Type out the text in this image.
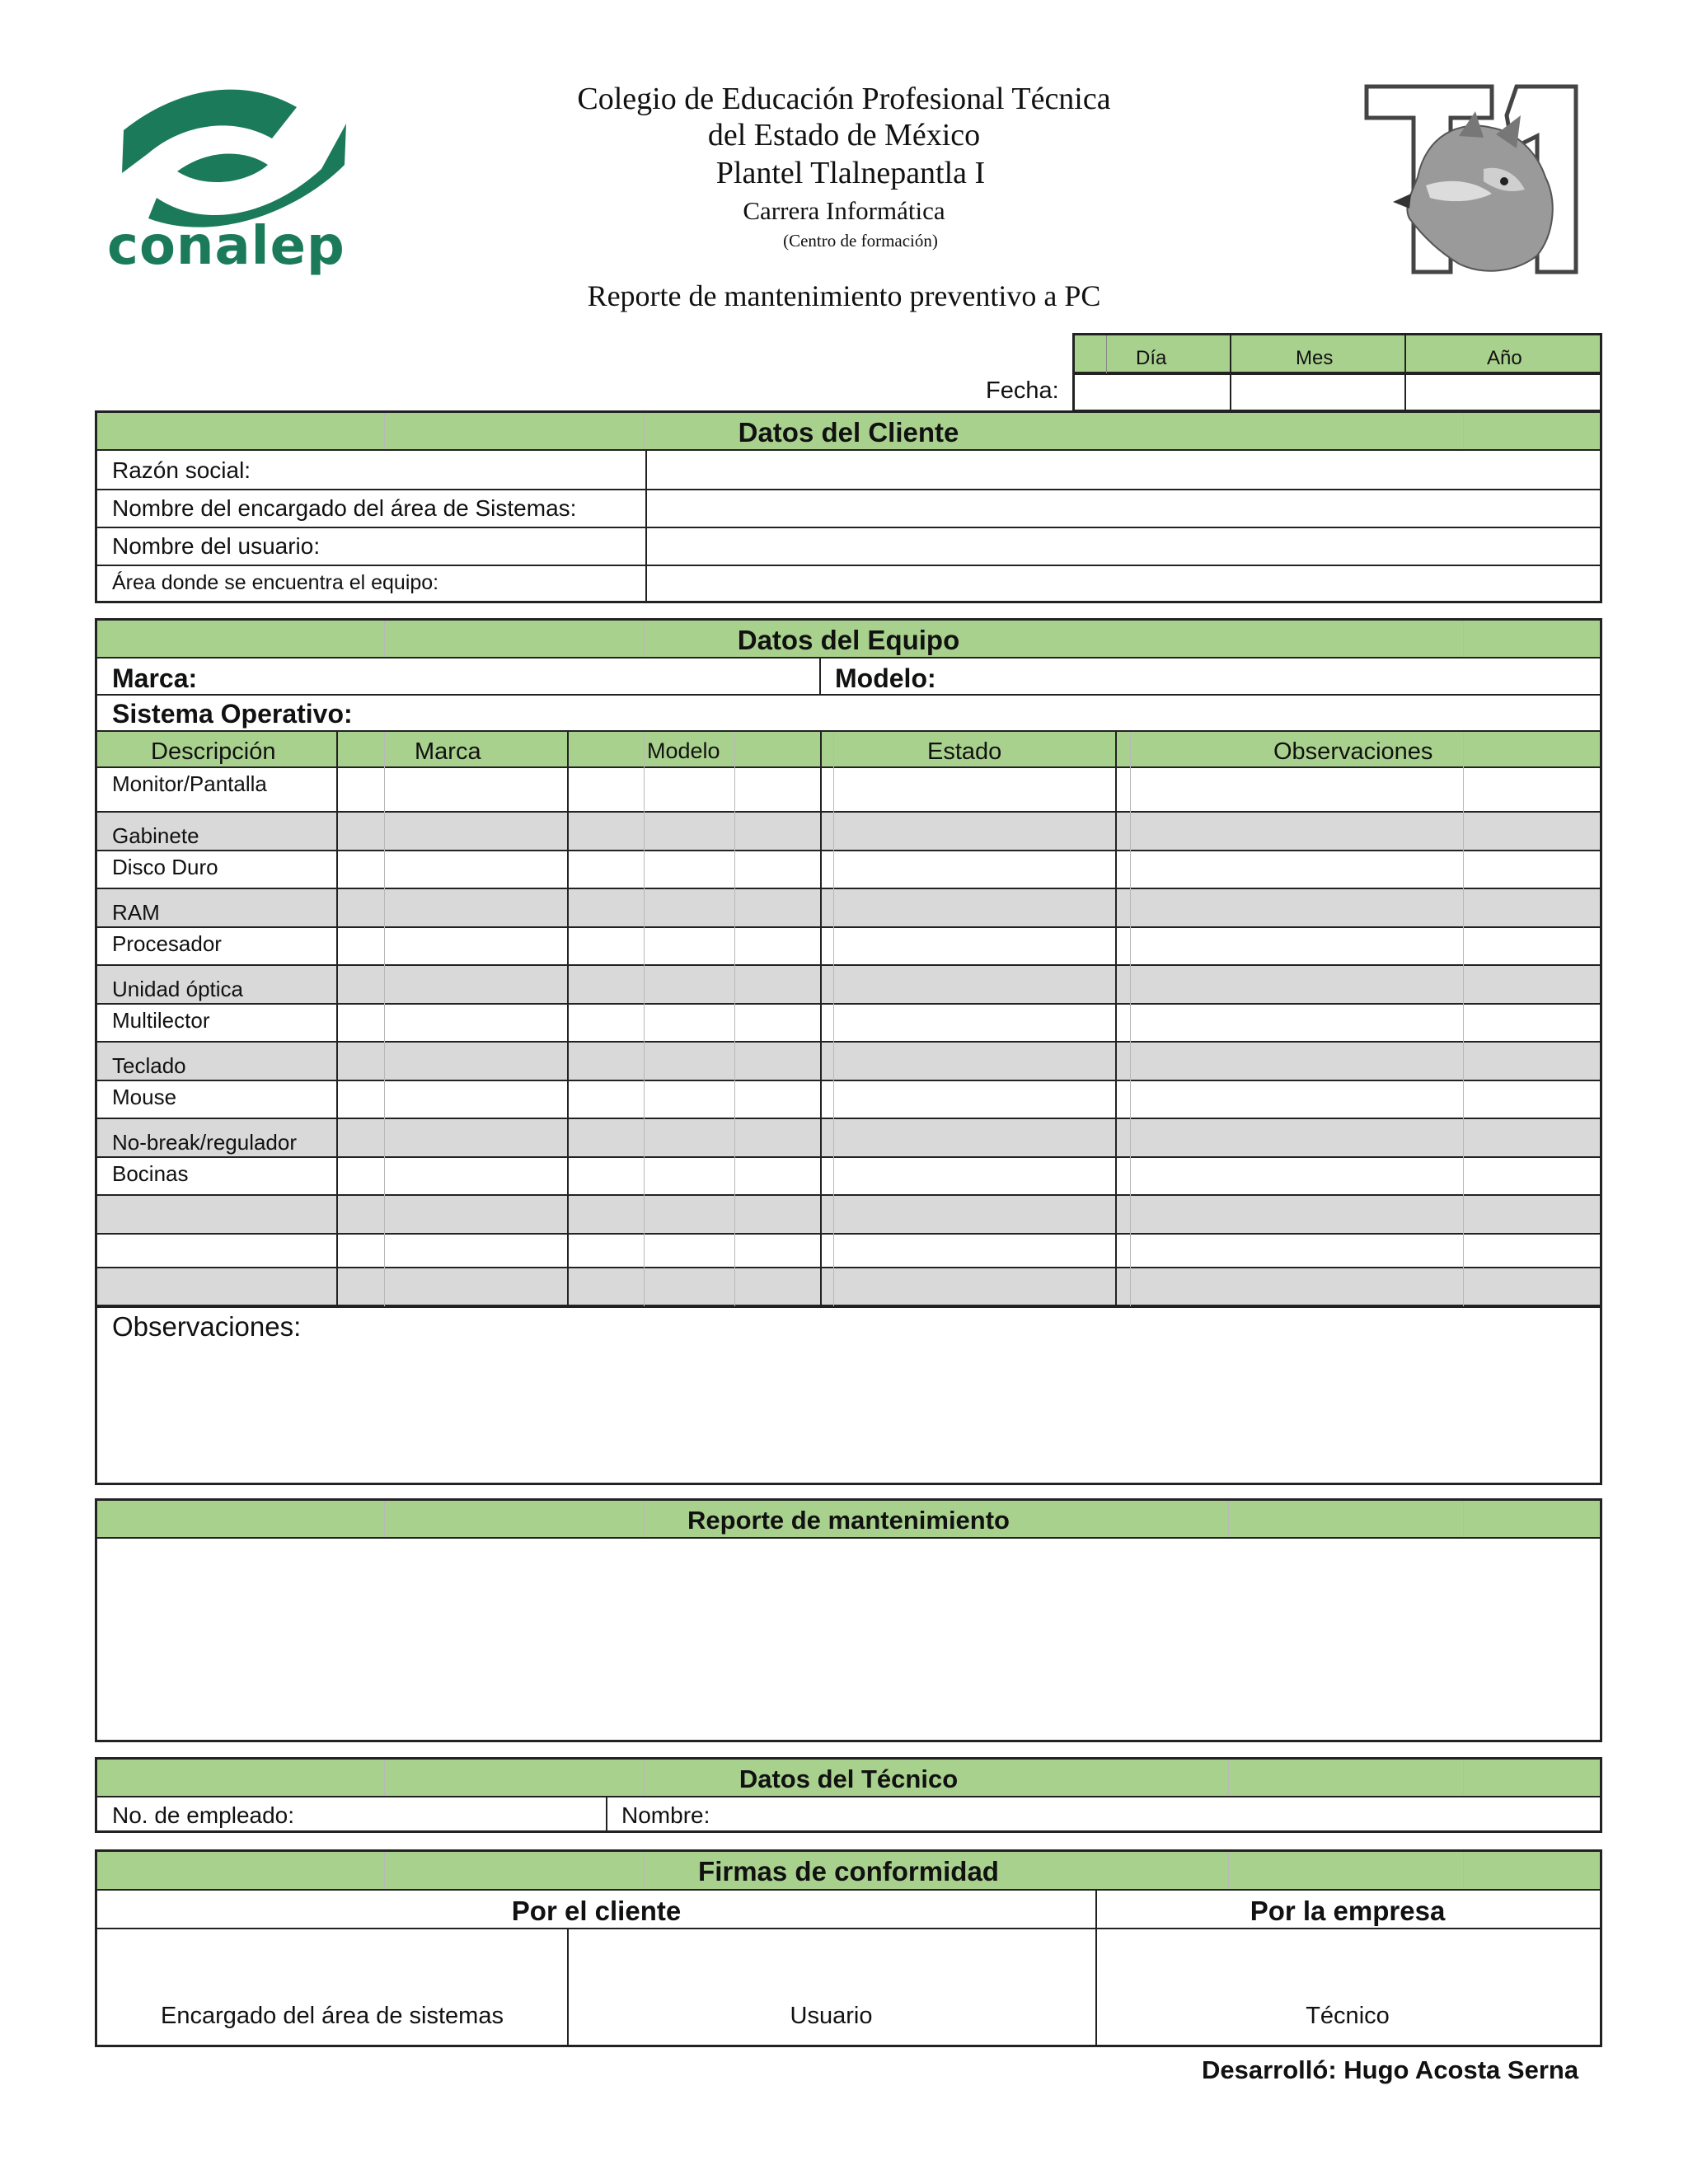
conalep
Colegio de Educación Profesional Técnica
del Estado de México
Plantel Tlalnepantla I
Carrera Informática
(Centro de formación)
Reporte de mantenimiento preventivo a PC
Día	Mes	Año
Fecha:
Datos del Cliente
Razón social:
Nombre del encargado del área de Sistemas:
Nombre del usuario:
Área donde se encuentra el equipo:
Datos del Equipo
Marca:	Modelo:
Sistema Operativo:
Descripción	Marca	Modelo	Estado	Observaciones
Monitor/Pantalla
Gabinete
Disco Duro
RAM
Procesador
Unidad óptica
Multilector
Teclado
Mouse
No-break/regulador
Bocinas
Observaciones:
Reporte de mantenimiento
Datos del Técnico
No. de empleado:	Nombre:
Firmas de conformidad
Por el cliente	Por la empresa
Encargado del área de sistemas	Usuario	Técnico
Desarrolló: Hugo Acosta Serna
